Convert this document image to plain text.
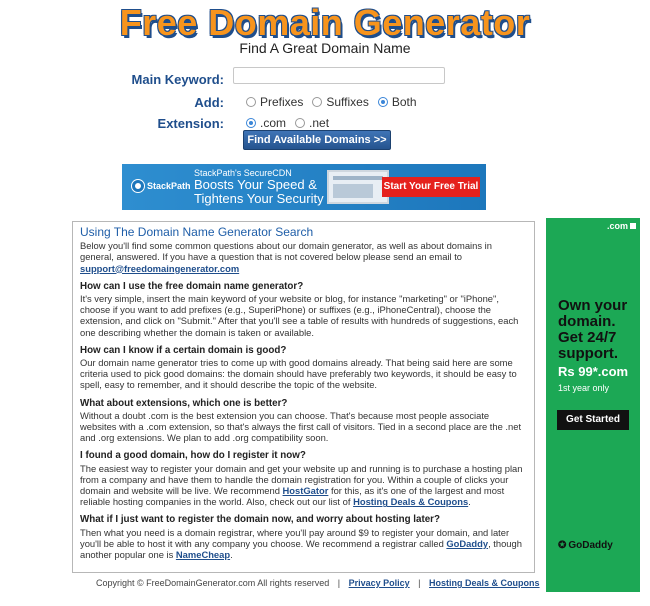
Free Domain Generator
Find A Great Domain Name
Main Keyword:
Add:	Prefixes Suffixes Both
Extension:	.com .net
Find Available Domains >>
StackPath
StackPath's SecureCDN
Boosts Your Speed &
Tightens Your Security
Start Your Free Trial
Using The Domain Name Generator Search

Below you'll find some common questions about our domain generator, as well as about domains in general, answered. If you have a question that is not covered below please send an email to
support@freedomaingenerator.com

How can I use the free domain name generator?

It's very simple, insert the main keyword of your website or blog, for instance "marketing" or "iPhone", choose if you want to add prefixes (e.g., SuperiPhone) or suffixes (e.g., iPhoneCentral), choose the extension, and click on "Submit." After that you'll see a table of results with hundreds of suggestions, each one describing whether the domain is taken or available.

How can I know if a certain domain is good?

Our domain name generator tries to come up with good domains already. That being said here are some criteria used to pick good domains: the domain should have preferably two keywords, it should be easy to spell, easy to remember, and it should describe the topic of the website.

What about extensions, which one is better?

Without a doubt .com is the best extension you can choose. That's because most people associate websites with a .com extension, so that's always the first call of visitors. Tied in a second place are the .net and .org extensions. We plan to add .org compatibility soon.

I found a good domain, how do I register it now?

The easiest way to register your domain and get your website up and running is to purchase a hosting plan from a company and have them to handle the domain registration for you. Within a couple of clicks your domain and website will be live. We recommend HostGator for this, as it's one of the largest and most reliable hosting companies in the world. Also, check out our list of Hosting Deals & Coupons.

What if I just want to register the domain now, and worry about hosting later?

Then what you need is a domain registrar, where you'll pay around $9 to register your domain, and later you'll be able to host it with any company you choose. We recommend a registrar called GoDaddy, though another popular one is NameCheap.

.com
Own your domain. Get 24/7 support.
Rs 99*.com
1st year only
Get Started
✪ GoDaddy
Copyright © FreeDomainGenerator.com All rights reserved | Privacy Policy | Hosting Deals & Coupons
